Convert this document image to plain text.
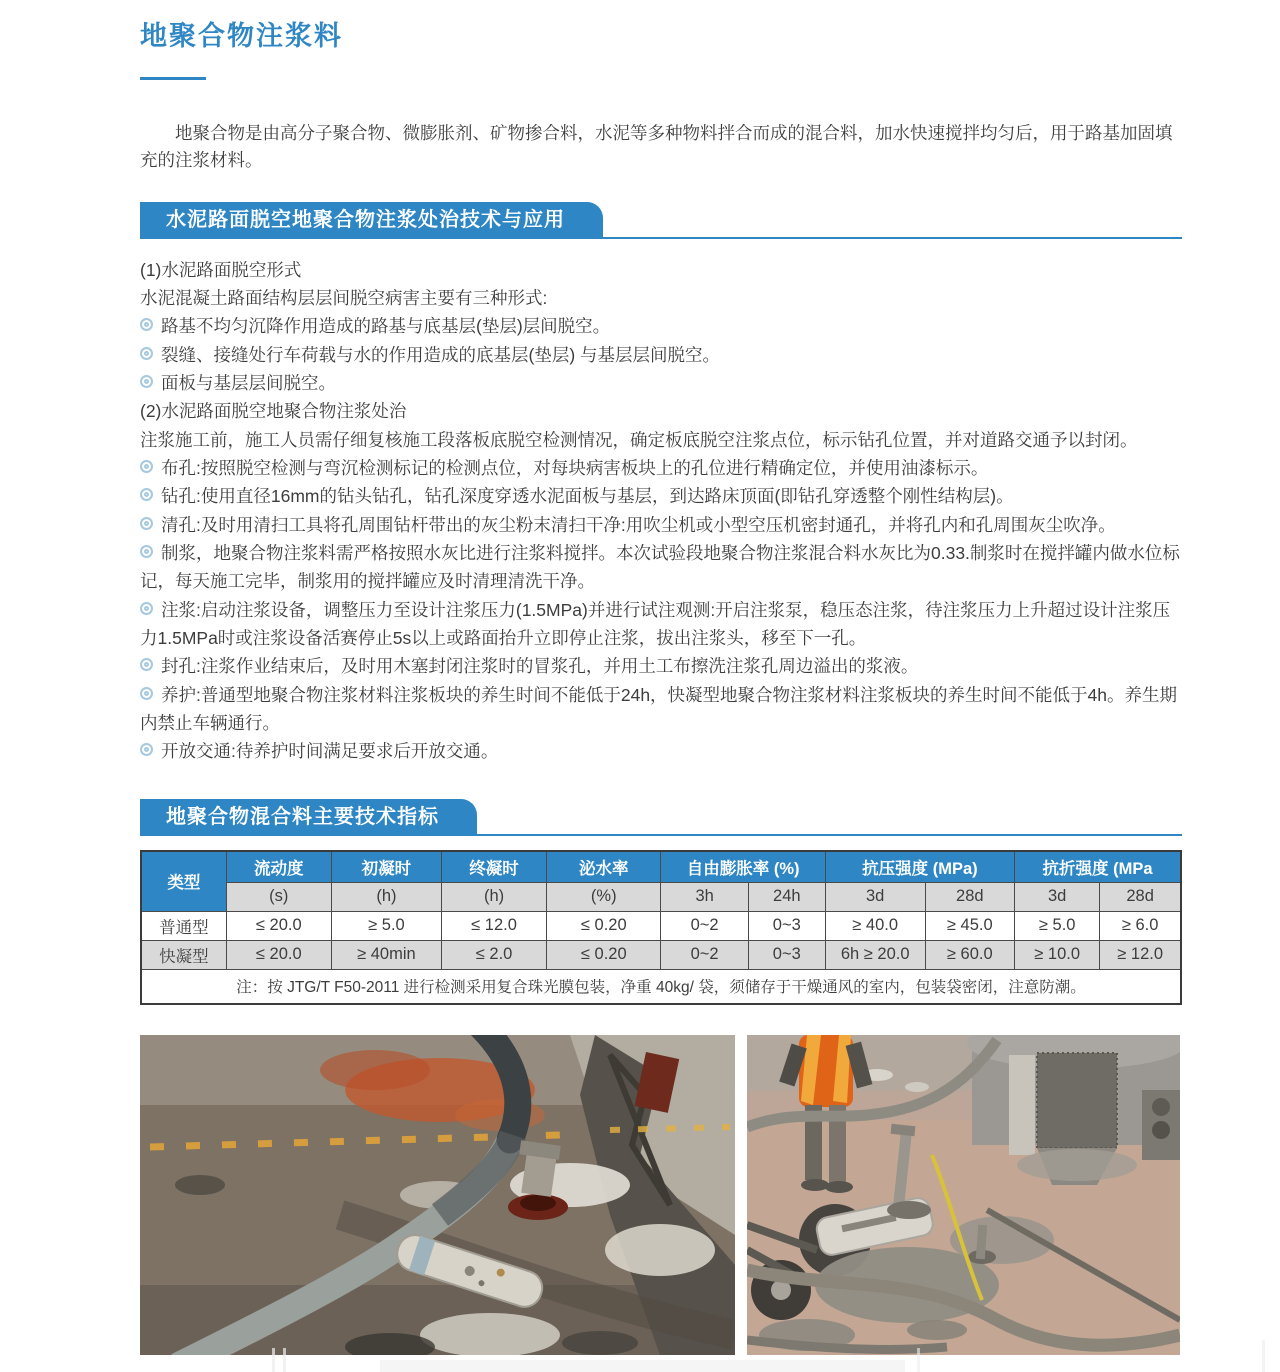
地聚合物注浆料

地聚合物是由高分子聚合物、微膨胀剂、矿物掺合料，水泥等多种物料拌合而成的混合料，加水快速搅拌均匀后，用于路基加固填充的注浆材料。

水泥路面脱空地聚合物注浆处治技术与应用

(1)水泥路面脱空形式

水泥混凝土路面结构层层间脱空病害主要有三种形式:

路基不均匀沉降作用造成的路基与底基层(垫层)层间脱空。

裂缝、接缝处行车荷载与水的作用造成的底基层(垫层) 与基层层间脱空。

面板与基层层间脱空。

(2)水泥路面脱空地聚合物注浆处治

注浆施工前，施工人员需仔细复核施工段落板底脱空检测情况，确定板底脱空注浆点位，标示钻孔位置，并对道路交通予以封闭。

布孔:按照脱空检测与弯沉检测标记的检测点位，对每块病害板块上的孔位进行精确定位，并使用油漆标示。

钻孔:使用直径16mm的钻头钻孔，钻孔深度穿透水泥面板与基层，到达路床顶面(即钻孔穿透整个刚性结构层)。

清孔:及时用清扫工具将孔周围钻杆带出的灰尘粉末清扫干净:用吹尘机或小型空压机密封通孔，并将孔内和孔周围灰尘吹净。

制浆，地聚合物注浆料需严格按照水灰比进行注浆料搅拌。本次试验段地聚合物注浆混合料水灰比为0.33.制浆时在搅拌罐内做水位标记，每天施工完毕，制浆用的搅拌罐应及时清理清洗干净。

注浆:启动注浆设备，调整压力至设计注浆压力(1.5MPa)并进行试注观测:开启注浆泵，稳压态注浆，待注浆压力上升超过设计注浆压力1.5MPa时或注浆设备活赛停止5s以上或路面抬升立即停止注浆，拔出注浆头，移至下一孔。

封孔:注浆作业结束后，及时用木塞封闭注浆时的冒浆孔，并用土工布擦洗注浆孔周边溢出的浆液。

养护:普通型地聚合物注浆材料注浆板块的养生时间不能低于24h，快凝型地聚合物注浆材料注浆板块的养生时间不能低于4h。养生期内禁止车辆通行。

开放交通:待养护时间满足要求后开放交通。

地聚合物混合料主要技术指标
类型	流动度	初凝时	终凝时	泌水率	自由膨胀率 (%)		抗压强度 (MPa)		抗折强度 (MPa	
	(s)	(h)	(h)	(%)	3h	24h	3d	28d	3d	28d
普通型	≤ 20.0	≥ 5.0	≤ 12.0	≤ 0.20	0~2	0~3	≥ 40.0	≥ 45.0	≥ 5.0	≥ 6.0
快凝型	≤ 20.0	≥ 40min	≤ 2.0	≤ 0.20	0~2	0~3	6h ≥ 20.0	≥ 60.0	≥ 10.0	≥ 12.0
注：按 JTG/T F50-2011 进行检测采用复合珠光膜包装，净重 40kg/ 袋，须储存于干燥通风的室内，包装袋密闭，注意防潮。										
